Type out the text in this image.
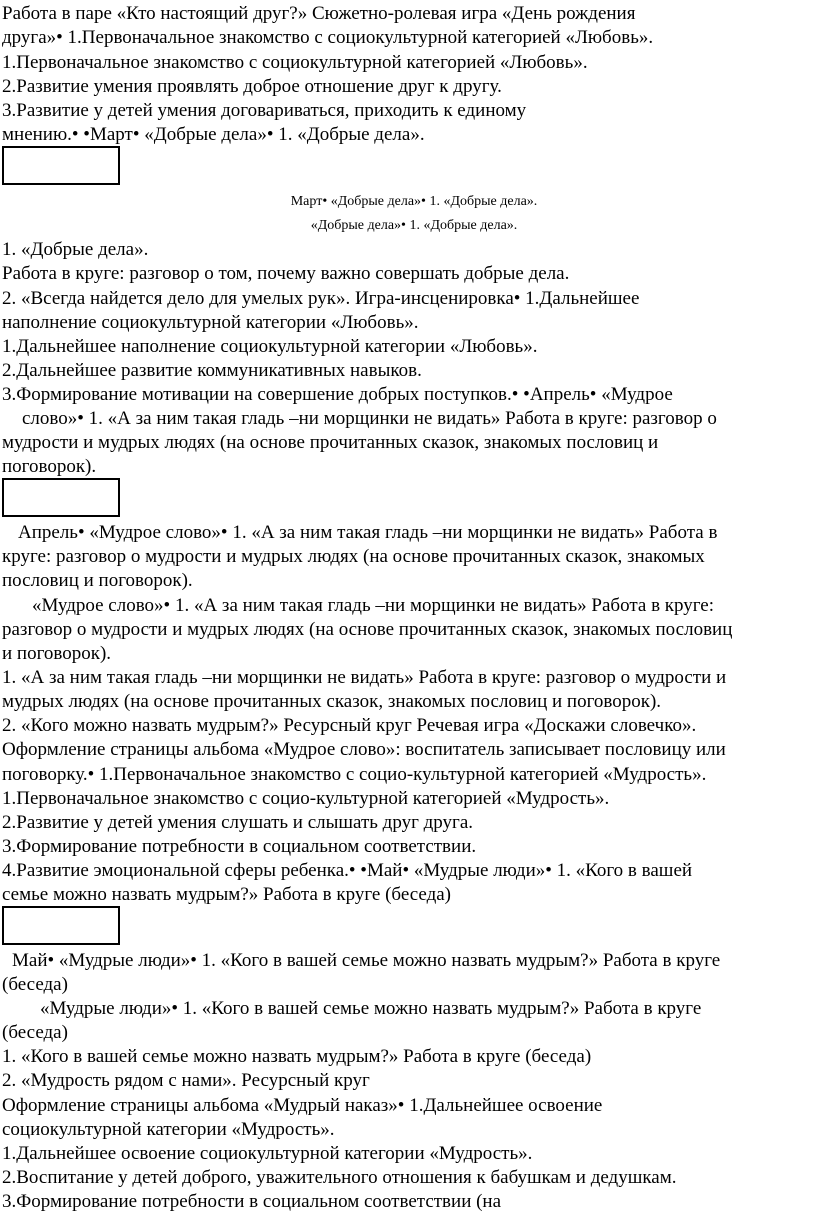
Работа в паре «Кто настоящий друг?» Сюжетно-ролевая игра «День рождения
друга»• 1.Первоначальное знакомство с социокультурной категорией «Любовь».
1.Первоначальное знакомство с социокультурной категорией «Любовь».
2.Развитие умения проявлять доброе отношение друг к другу.
3.Развитие у детей умения договариваться, приходить к единому
мнению.• •Март• «Добрые дела»• 1. «Добрые дела».
Март• «Добрые дела»• 1. «Добрые дела».
«Добрые дела»• 1. «Добрые дела».
1. «Добрые дела».
Работа в круге: разговор о том, почему важно совершать добрые дела.
2. «Всегда найдется дело для умелых рук». Игра-инсценировка• 1.Дальнейшее
наполнение социокультурной категории «Любовь».
1.Дальнейшее наполнение социокультурной категории «Любовь».
2.Дальнейшее развитие коммуникативных навыков.
3.Формирование мотивации на совершение добрых поступков.• •Апрель• «Мудрое
слово»• 1. «А за ним такая гладь –ни морщинки не видать» Работа в круге: разговор о
мудрости и мудрых людях (на основе прочитанных сказок, знакомых пословиц и
поговорок).
Апрель• «Мудрое слово»• 1. «А за ним такая гладь –ни морщинки не видать» Работа в
круге: разговор о мудрости и мудрых людях (на основе прочитанных сказок, знакомых
пословиц и поговорок).
«Мудрое слово»• 1. «А за ним такая гладь –ни морщинки не видать» Работа в круге:
разговор о мудрости и мудрых людях (на основе прочитанных сказок, знакомых пословиц
и поговорок).
1. «А за ним такая гладь –ни морщинки не видать» Работа в круге: разговор о мудрости и
мудрых людях (на основе прочитанных сказок, знакомых пословиц и поговорок).
2. «Кого можно назвать мудрым?» Ресурсный круг Речевая игра «Доскажи словечко».
Оформление страницы альбома «Мудрое слово»: воспитатель записывает пословицу или
поговорку.• 1.Первоначальное знакомство с социо-культурной категорией «Мудрость».
1.Первоначальное знакомство с социо-культурной категорией «Мудрость».
2.Развитие у детей умения слушать и слышать друг друга.
3.Формирование потребности в социальном соответствии.
4.Развитие эмоциональной сферы ребенка.• •Май• «Мудрые люди»• 1. «Кого в вашей
семье можно назвать мудрым?» Работа в круге (беседа)
Май• «Мудрые люди»• 1. «Кого в вашей семье можно назвать мудрым?» Работа в круге
(беседа)
«Мудрые люди»• 1. «Кого в вашей семье можно назвать мудрым?» Работа в круге
(беседа)
1. «Кого в вашей семье можно назвать мудрым?» Работа в круге (беседа)
2. «Мудрость рядом с нами». Ресурсный круг
Оформление страницы альбома «Мудрый наказ»• 1.Дальнейшее освоение
социокультурной категории «Мудрость».
1.Дальнейшее освоение социокультурной категории «Мудрость».
2.Воспитание у детей доброго, уважительного отношения к бабушкам и дедушкам.
3.Формирование потребности в социальном соответствии (на
